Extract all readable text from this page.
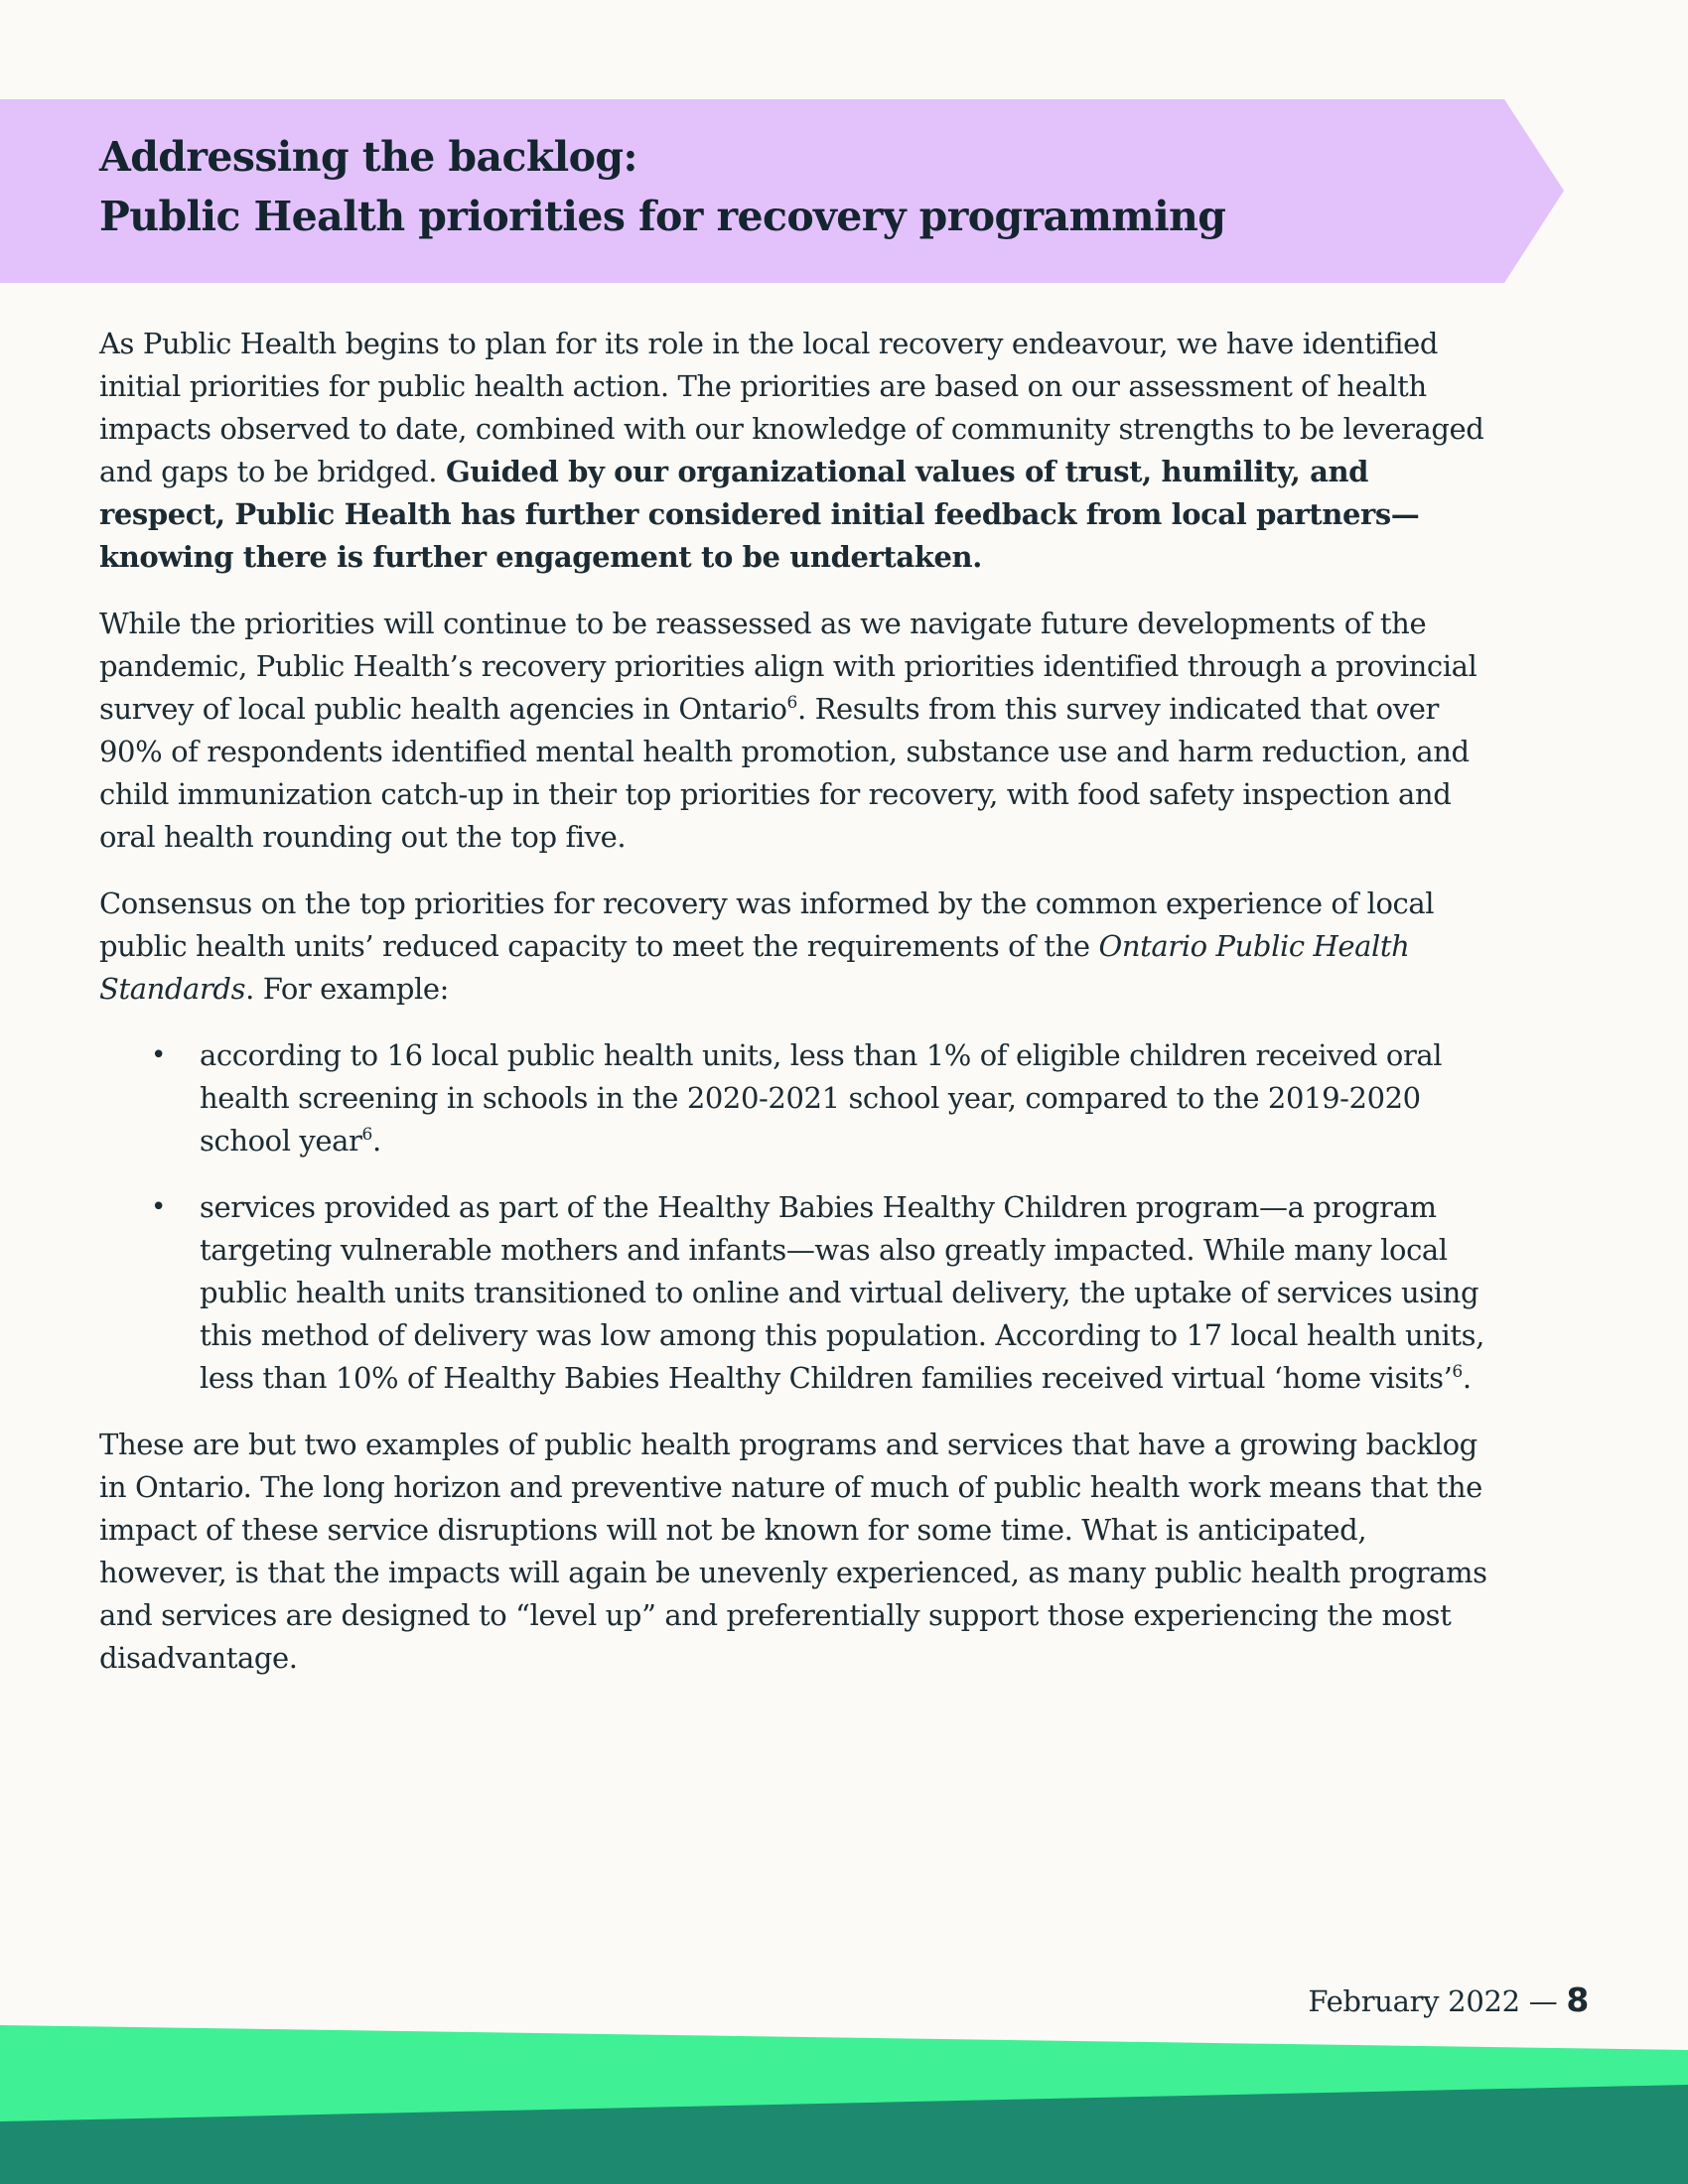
Addressing the backlog:
Public Health priorities for recovery programming

As Public Health begins to plan for its role in the local recovery endeavour, we have identified initial priorities for public health action. The priorities are based on our assessment of health impacts observed to date, combined with our knowledge of community strengths to be leveraged and gaps to be bridged. Guided by our organizational values of trust, humility, and respect, Public Health has further considered initial feedback from local partners—knowing there is further engagement to be undertaken.

While the priorities will continue to be reassessed as we navigate future developments of the pandemic, Public Health’s recovery priorities align with priorities identified through a provincial survey of local public health agencies in Ontario$^6$. Results from this survey indicated that over 90% of respondents identified mental health promotion, substance use and harm reduction, and child immunization catch-up in their top priorities for recovery, with food safety inspection and oral health rounding out the top five.

Consensus on the top priorities for recovery was informed by the common experience of local public health units’ reduced capacity to meet the requirements of the Ontario Public Health Standards. For example:

• according to 16 local public health units, less than 1% of eligible children received oral health screening in schools in the 2020-2021 school year, compared to the 2019-2020 school year$^6$.
• services provided as part of the Healthy Babies Healthy Children program—a program targeting vulnerable mothers and infants—was also greatly impacted. While many local public health units transitioned to online and virtual delivery, the uptake of services using this method of delivery was low among this population. According to 17 local health units, less than 10% of Healthy Babies Healthy Children families received virtual ‘home visits’$^6$.

These are but two examples of public health programs and services that have a growing backlog in Ontario. The long horizon and preventive nature of much of public health work means that the impact of these service disruptions will not be known for some time. What is anticipated, however, is that the impacts will again be unevenly experienced, as many public health programs and services are designed to “level up” and preferentially support those experiencing the most disadvantage.

February 2022 — 8
